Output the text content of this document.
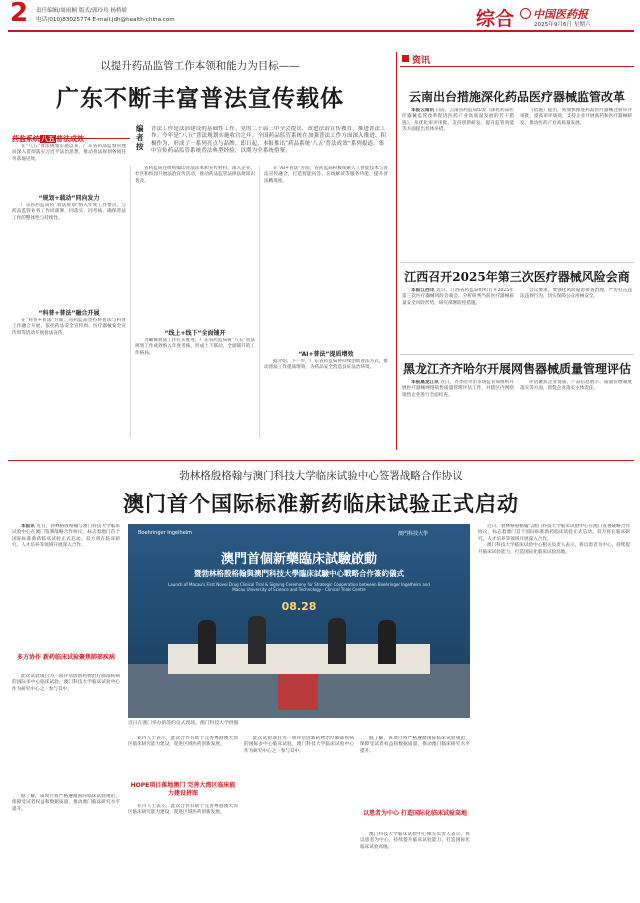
2 责任编辑/周雨桐 版式/郭玲玲 杨桥娇
电话(010)83025774 E-mail:jdh@health-china.com	综合 中国医药报
2025年9月6日 星期六
以提升药品监管工作本领和能力为目标——
广东不断丰富普法宣传载体
药监系统八五普法成效
编者按
普法工作是法治建设的基础性工作。党的二十届三中全会提出，改进法治宣传教育，推进普法工作。今年是“八五”普法规划实施收官之年，全国药品监管系统在加强普法工作方面深入推进、积极作为，形成了一系列亮点与品牌。即日起，本报推出“药品系统‘八五’普法成效”系列报道，集中宣传药品监管系统普法典型经验，以期为全系统借鉴。

在“八五”普法规划实施以来，广东省药品监督管理局深入贯彻落实习近平法治思想，推动普法规划各项任务落地见效。

“规划+载动”同向发力

广东省药监局将“普法规划”纳入年度工作要点，与药品监管业务工作同部署、同落实、同考核，确保普法工作的整体性与持续性。

“科普+普法”融合开展

在“科普+普法”方面，省药监局坚持将普法与科普工作融合开展，依托药品安全宣传周、医疗器械安全宣传周等活动开展普法宣传。

省药监局还组织编印普法读本和宣传材料，深入企业、社区和校园开展法治宣传活动，推动药品监管法律法规知识普及。

“线上+线下”全面铺开

为确保普法工作扎实推进，广东省药监局将“八五”普法规划工作成效纳入年度考核，形成上下联动、全面铺开的工作格局。

在“AI+普法”方面，省药监局积极探索人工智能技术与普法宣传融合，打造智能问答、在线解读等服务功能，提升普法精准度。

“AI+普法”提质增效

据介绍，下一步，广东省药监局将持续创新普法方式，推动普法工作提质增效，为药品安全营造良好法治环境。

资讯
云南出台措施深化药品医疗器械监管改革

本报云南讯 日前，云南省药监局印发《深化药品医疗器械监管改革促进医药产业高质量发展的若干措施》，从优化审评审批、支持创新研发、提升监管效能等方面提出具体举措。

《措施》提出，将加快推进药品医疗器械注册审评审批，提高审评质效，支持企业开展新药和医疗器械研发，推动医药产业高质量发展。

江西召开2025年第三次医疗器械风险会商

本报江西讯 近日，江西省药监局组织召开2025年第三次医疗器械风险会商会，分析研判当前医疗器械质量安全风险形势，研究部署防控措施。

会议要求，要强化风险隐患排查治理，严厉打击违法违规行为，切实保障公众用械安全。

黑龙江齐齐哈尔开展网售器械质量管理评估

本报黑龙江讯 近日，齐齐哈尔市市场监管局组织开展医疗器械网络销售质量管理评估工作，对辖区内网络销售企业进行全面检查。

评估聚焦企业资质、产品信息展示、质量管理制度落实等方面，督促企业落实主体责任。

勃林格殷格翰与澳门科技大学临床试验中心签署战略合作协议
澳门首个国际标准新药临床试验正式启动

本报讯 近日，勃林格殷格翰与澳门科技大学临床试验中心在澳门签署战略合作协议，标志着澳门首个国际标准新药临床试验正式启动。双方将在临床研究、人才培养等领域开展深入合作。

多方协作 新药临床试验聚焦肺部疾病

此次试验项目为一项评估创新药物治疗肺部疾病的国际多中心临床试验，澳门科技大学临床试验中心作为研究中心之一参与其中。

据了解，该项目将严格遵循国际临床试验规范，保障受试者权益和数据质量，推动澳门临床研究水平提升。

Boehringer Ingelheim	澳門科技大學
澳門首個新藥臨床試驗啟動
暨勃林格殷格翰與澳門科技大學臨床試驗中心戰略合作簽約儀式
Launch of Macau's First Novel Drug Clinical Trial & Signing Ceremony for Strategic Cooperation between Boehringer Ingelheim and Macau University of Science and Technology - Clinical Trials Centre
08.28
近日在澳门举办的签约仪式现场。澳门科技大学供图

业内人士表示，此次合作有助于完善粤港澳大湾区临床研究能力建设，促进区域医药创新发展。

HOPE项目落地澳门 完善大湾区临床能力建设拼图

业内人士表示，此次合作有助于完善粤港澳大湾区临床研究能力建设，促进区域医药创新发展。

此次试验项目为一项评估创新药物治疗肺部疾病的国际多中心临床试验，澳门科技大学临床试验中心作为研究中心之一参与其中。

据了解，该项目将严格遵循国际临床试验规范，保障受试者权益和数据质量，推动澳门临床研究水平提升。

以患者为中心 打造国际化临床试验高地

澳门科技大学临床试验中心相关负责人表示，将以患者为中心，持续提升临床试验能力，打造国际化临床试验高地。

近日，勃林格殷格翰与澳门科技大学临床试验中心在澳门签署战略合作协议，标志着澳门首个国际标准新药临床试验正式启动。双方将在临床研究、人才培养等领域开展深入合作。

澳门科技大学临床试验中心相关负责人表示，将以患者为中心，持续提升临床试验能力，打造国际化临床试验高地。
